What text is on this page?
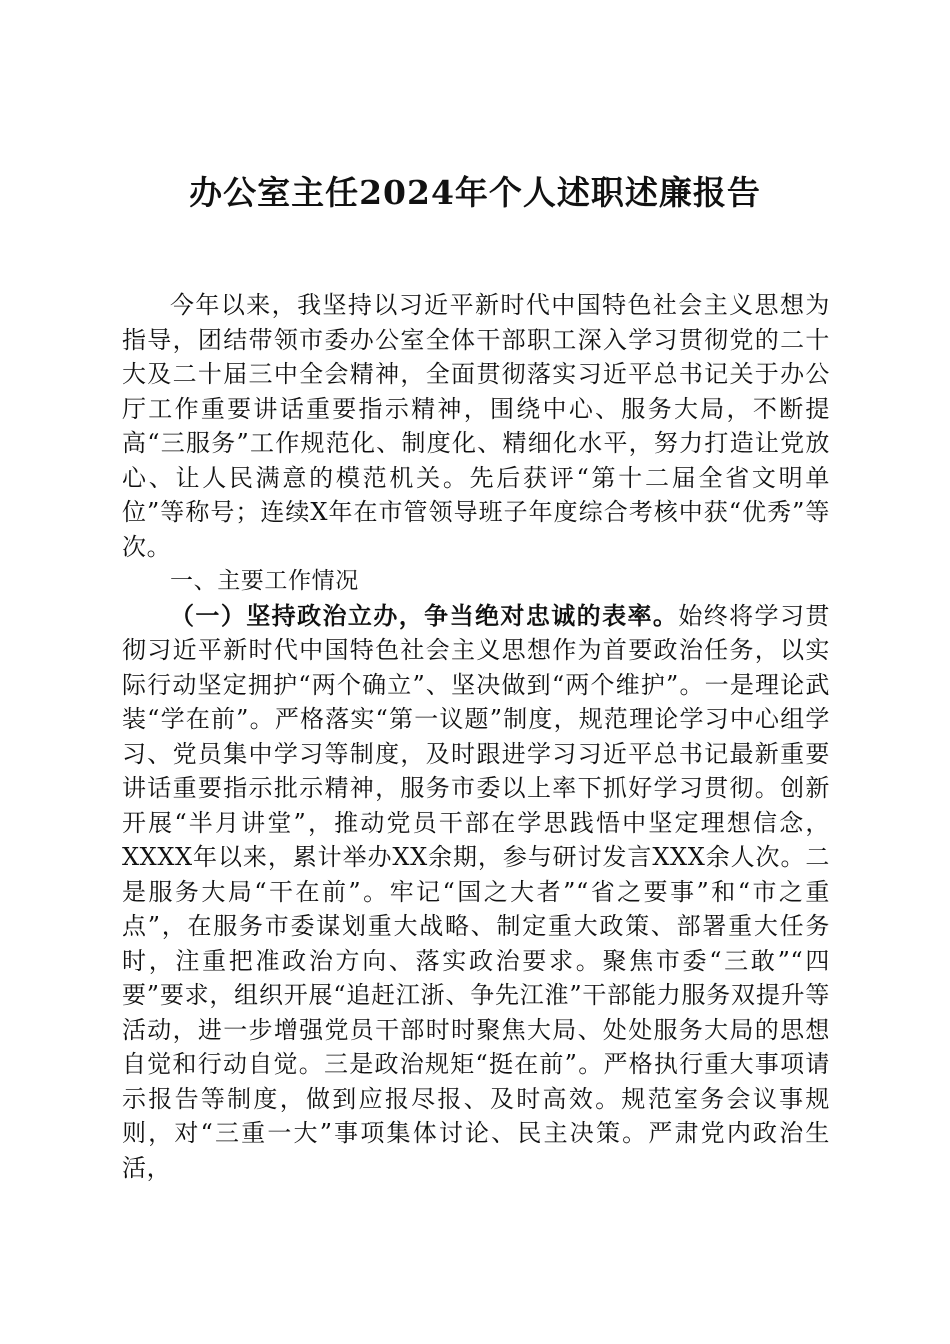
办公室主任2024年个人述职述廉报告

今年以来，我坚持以习近平新时代中国特色社会主义思想为指导，团结带领市委办公室全体干部职工深入学习贯彻党的二十大及二十届三中全会精神，全面贯彻落实习近平总书记关于办公厅工作重要讲话重要指示精神，围绕中心、服务大局，不断提高“三服务”工作规范化、制度化、精细化水平，努力打造让党放心、让人民满意的模范机关。先后获评“第十二届全省文明单位”等称号；连续X年在市管领导班子年度综合考核中获“优秀”等次。

一、主要工作情况

（一）坚持政治立办，争当绝对忠诚的表率。始终将学习贯彻习近平新时代中国特色社会主义思想作为首要政治任务，以实际行动坚定拥护“两个确立”、坚决做到“两个维护”。一是理论武装“学在前”。严格落实“第一议题”制度，规范理论学习中心组学习、党员集中学习等制度，及时跟进学习习近平总书记最新重要讲话重要指示批示精神，服务市委以上率下抓好学习贯彻。创新开展“半月讲堂”，推动党员干部在学思践悟中坚定理想信念，XXXX年以来，累计举办XX余期，参与研讨发言XXX余人次。二是服务大局“干在前”。牢记“国之大者”“省之要事”和“市之重点”，在服务市委谋划重大战略、制定重大政策、部署重大任务时，注重把准政治方向、落实政治要求。聚焦市委“三敢”“四要”要求，组织开展“追赶江浙、争先江淮”干部能力服务双提升等活动，进一步增强党员干部时时聚焦大局、处处服务大局的思想自觉和行动自觉。三是政治规矩“挺在前”。严格执行重大事项请示报告等制度，做到应报尽报、及时高效。规范室务会议事规则，对“三重一大”事项集体讨论、民主决策。严肃党内政治生活，
